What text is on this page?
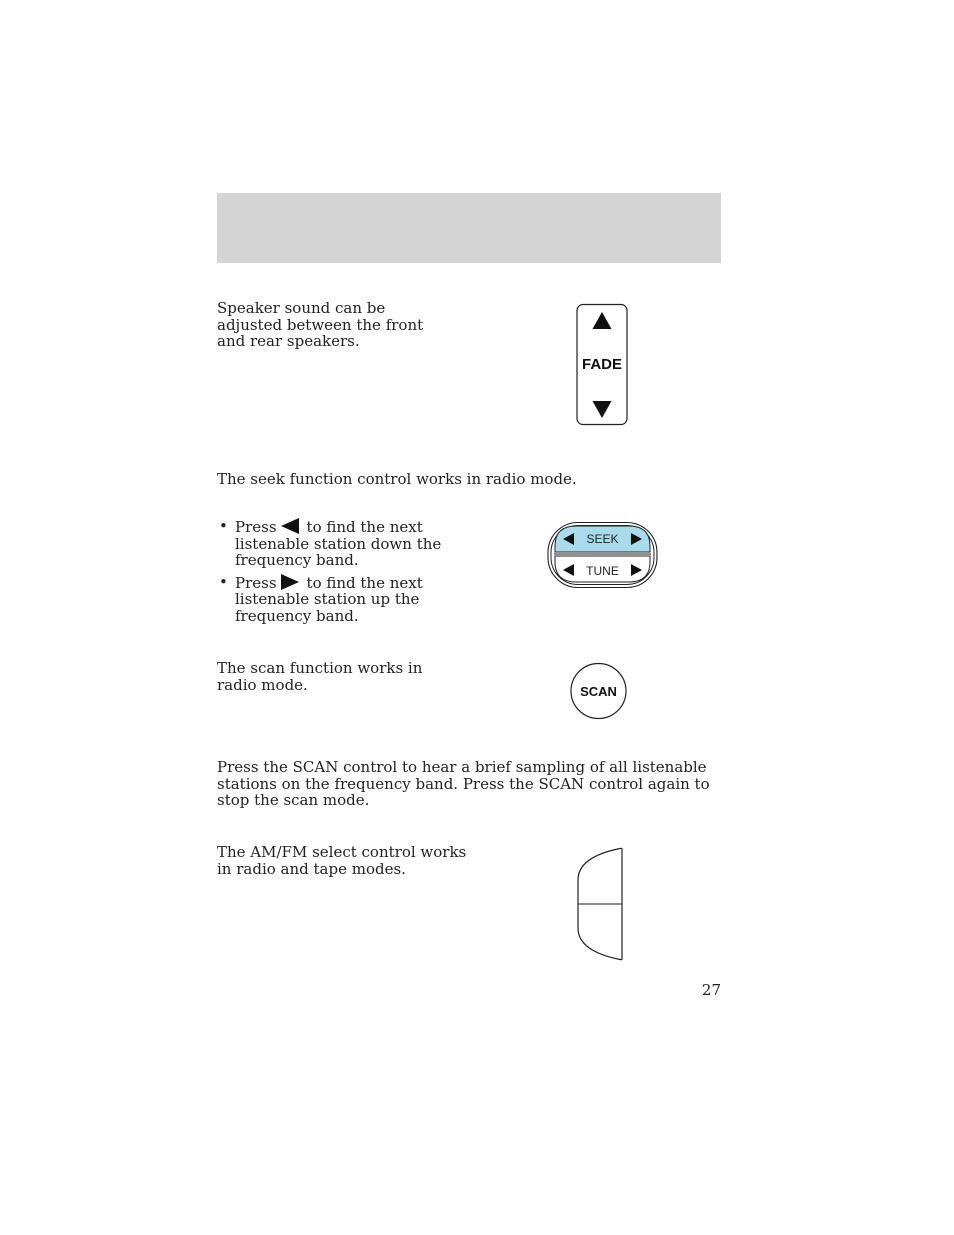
Speaker sound can be adjusted between the front and rear speakers.

FADE

The seek function control works in radio mode.

• Press to find the next listenable station down the frequency band.
• Press to find the next listenable station up the frequency band.
SEEK
TUNE

The scan function works in radio mode.	SCAN

Press the SCAN control to hear a brief sampling of all listenable stations on the frequency band. Press the SCAN control again to stop the scan mode.

The AM/FM select control works in radio and tape modes.

27
